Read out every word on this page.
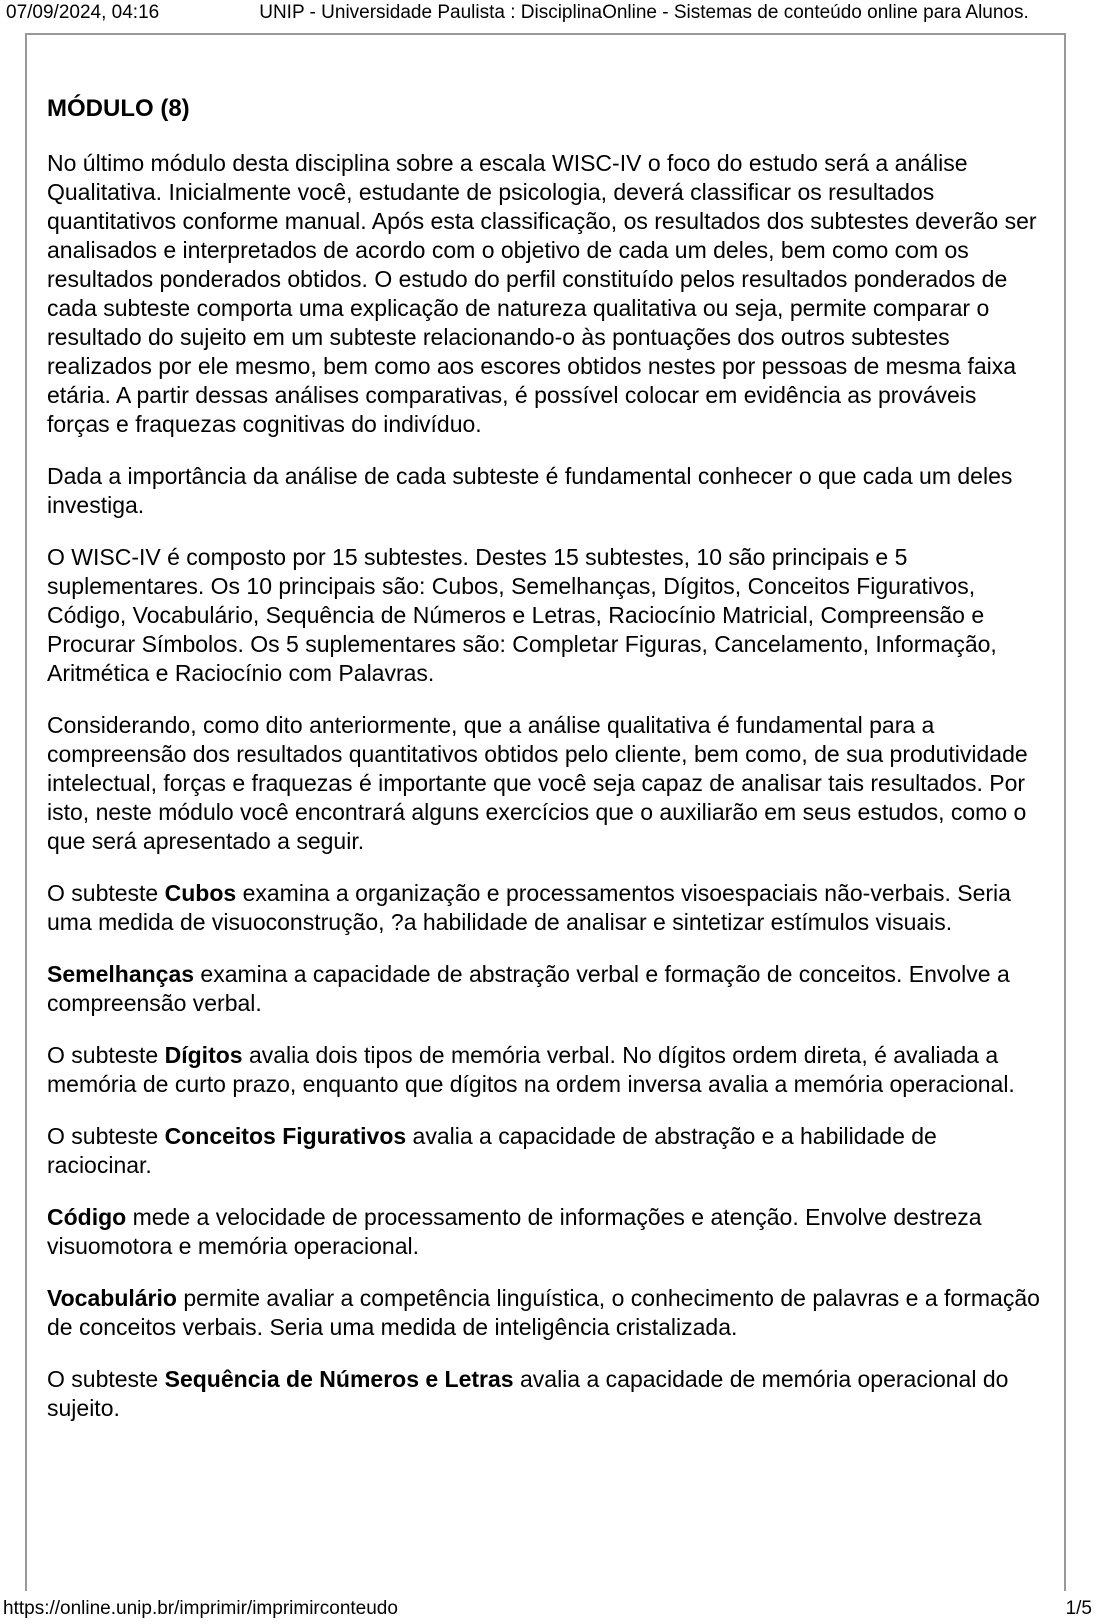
07/09/2024, 04:16	UNIP - Universidade Paulista : DisciplinaOnline - Sistemas de conteúdo online para Alunos.
MÓDULO (8)

No último módulo desta disciplina sobre a escala WISC-IV o foco do estudo será a análise Qualitativa. Inicialmente você, estudante de psicologia, deverá classificar os resultados quantitativos conforme manual. Após esta classificação, os resultados dos subtestes deverão ser analisados e interpretados de acordo com o objetivo de cada um deles, bem como com os resultados ponderados obtidos. O estudo do perfil constituído pelos resultados ponderados de cada subteste comporta uma explicação de natureza qualitativa ou seja, permite comparar o resultado do sujeito em um subteste relacionando-o às pontuações dos outros subtestes realizados por ele mesmo, bem como aos escores obtidos nestes por pessoas de mesma faixa etária. A partir dessas análises comparativas, é possível colocar em evidência as prováveis forças e fraquezas cognitivas do indivíduo.

Dada a importância da análise de cada subteste é fundamental conhecer o que cada um deles investiga.

O WISC-IV é composto por 15 subtestes. Destes 15 subtestes, 10 são principais e 5 suplementares. Os 10 principais são: Cubos, Semelhanças, Dígitos, Conceitos Figurativos, Código, Vocabulário, Sequência de Números e Letras, Raciocínio Matricial, Compreensão e Procurar Símbolos. Os 5 suplementares são: Completar Figuras, Cancelamento, Informação, Aritmética e Raciocínio com Palavras.

Considerando, como dito anteriormente, que a análise qualitativa é fundamental para a compreensão dos resultados quantitativos obtidos pelo cliente, bem como, de sua produtividade intelectual, forças e fraquezas é importante que você seja capaz de analisar tais resultados. Por isto, neste módulo você encontrará alguns exercícios que o auxiliarão em seus estudos, como o que será apresentado a seguir.

O subteste Cubos examina a organização e processamentos visoespaciais não-verbais. Seria uma medida de visuoconstrução, ?a habilidade de analisar e sintetizar estímulos visuais.

Semelhanças examina a capacidade de abstração verbal e formação de conceitos. Envolve a compreensão verbal.

O subteste Dígitos avalia dois tipos de memória verbal. No dígitos ordem direta, é avaliada a memória de curto prazo, enquanto que dígitos na ordem inversa avalia a memória operacional.

O subteste Conceitos Figurativos avalia a capacidade de abstração e a habilidade de raciocinar.

Código mede a velocidade de processamento de informações e atenção. Envolve destreza visuomotora e memória operacional.

Vocabulário permite avaliar a competência linguística, o conhecimento de palavras e a formação de conceitos verbais. Seria uma medida de inteligência cristalizada.

O subteste Sequência de Números e Letras avalia a capacidade de memória operacional do sujeito.

https://online.unip.br/imprimir/imprimirconteudo	1/5
